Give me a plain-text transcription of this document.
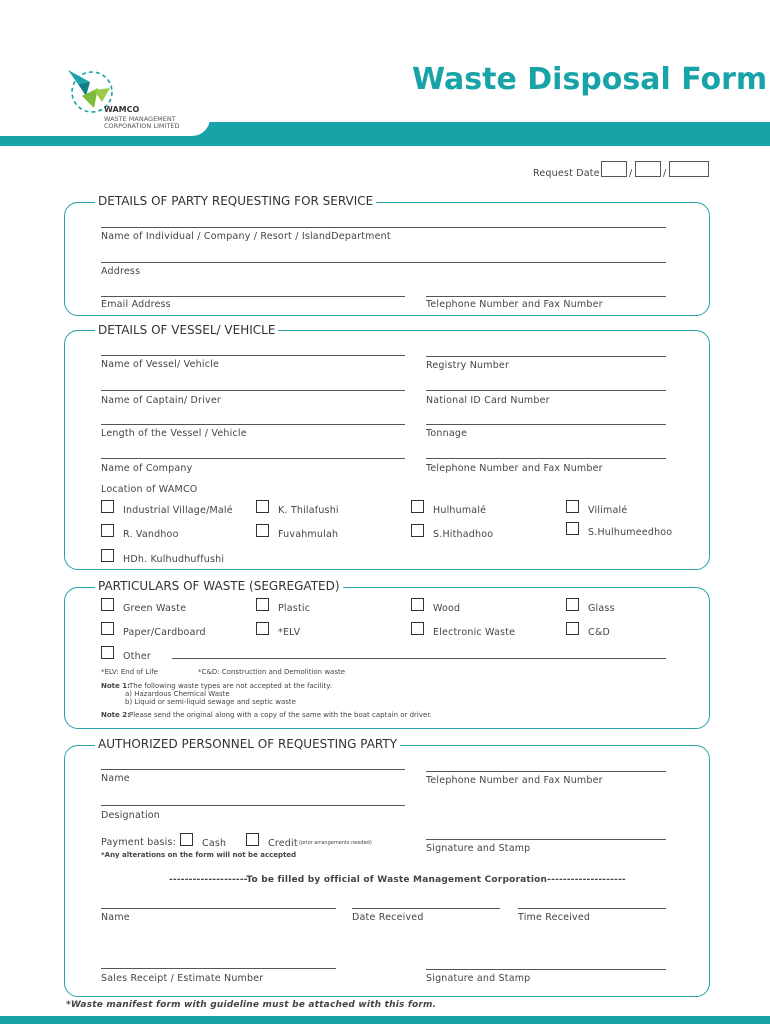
WAMCO
WASTE MANAGEMENT
CORPORATION LIMITED
Waste Disposal Form
Request Date:	/	/
DETAILS OF PARTY REQUESTING FOR SERVICE
Name of Individual / Company / Resort / IslandDepartment
Address
Email Address	Telephone Number and Fax Number
DETAILS OF VESSEL/ VEHICLE
Name of Vessel/ Vehicle	Registry Number
Name of Captain/ Driver	National ID Card Number
Length of the Vessel / Vehicle	Tonnage
Name of Company	Telephone Number and Fax Number
Location of WAMCO
Industrial Village/Malé	K. Thilafushi	Hulhumalé	Vilimalé
R. Vandhoo	Fuvahmulah	S.Hithadhoo	S.Hulhumeedhoo
HDh. Kulhudhuffushi
PARTICULARS OF WASTE (SEGREGATED)
Green Waste	Plastic	Wood	Glass
Paper/Cardboard	*ELV	Electronic Waste	C&D
Other
*ELV: End of Life	*C&D: Construction and Demolition waste
Note 1: The following waste types are not accepted at the facility:
a) Hazardous Chemical Waste
b) Liquid or semi-liquid sewage and septic waste
Note 2: Please send the original along with a copy of the same with the boat captain or driver.
AUTHORIZED PERSONNEL OF REQUESTING PARTY
Name	Telephone Number and Fax Number
Designation
Payment basis:	Cash	Credit (prior arrangements needed)
*Any alterations on the form will not be accepted
Signature and Stamp
--------------------To be filled by official of Waste Management Corporation--------------------
Name	Date Received	Time Received
Sales Receipt / Estimate Number	Signature and Stamp
*Waste manifest form with guideline must be attached with this form.
